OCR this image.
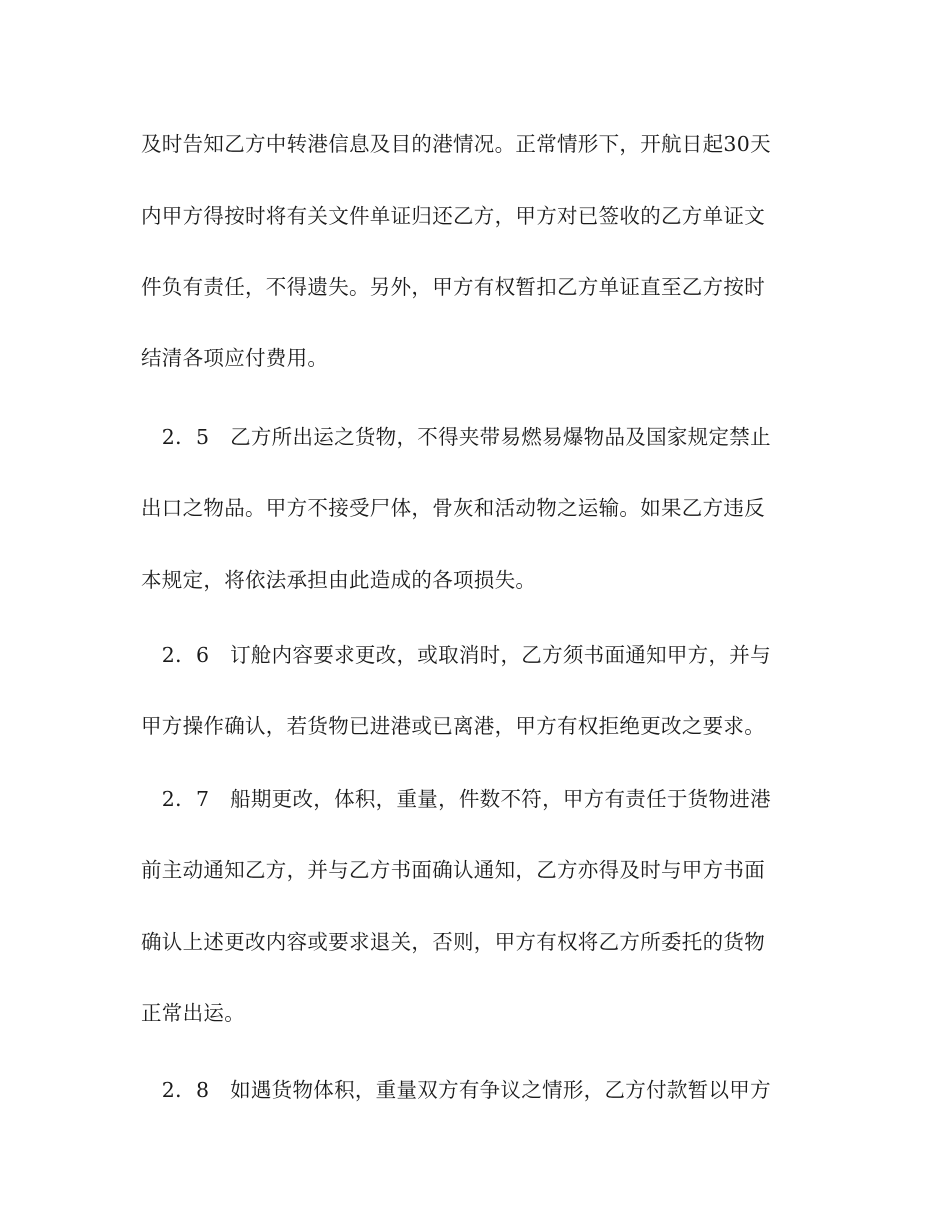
及时告知乙方中转港信息及目的港情况。正常情形下，开航日起30天
内甲方得按时将有关文件单证归还乙方，甲方对已签收的乙方单证文
件负有责任，不得遗失。另外，甲方有权暂扣乙方单证直至乙方按时
结清各项应付费用。
　2．5　乙方所出运之货物，不得夹带易燃易爆物品及国家规定禁止
出口之物品。甲方不接受尸体，骨灰和活动物之运输。如果乙方违反
本规定，将依法承担由此造成的各项损失。
　2．6　订舱内容要求更改，或取消时，乙方须书面通知甲方，并与
甲方操作确认，若货物已进港或已离港，甲方有权拒绝更改之要求。
　2．7　船期更改，体积，重量，件数不符，甲方有责任于货物进港
前主动通知乙方，并与乙方书面确认通知，乙方亦得及时与甲方书面
确认上述更改内容或要求退关，否则，甲方有权将乙方所委托的货物
正常出运。
　2．8　如遇货物体积，重量双方有争议之情形，乙方付款暂以甲方
